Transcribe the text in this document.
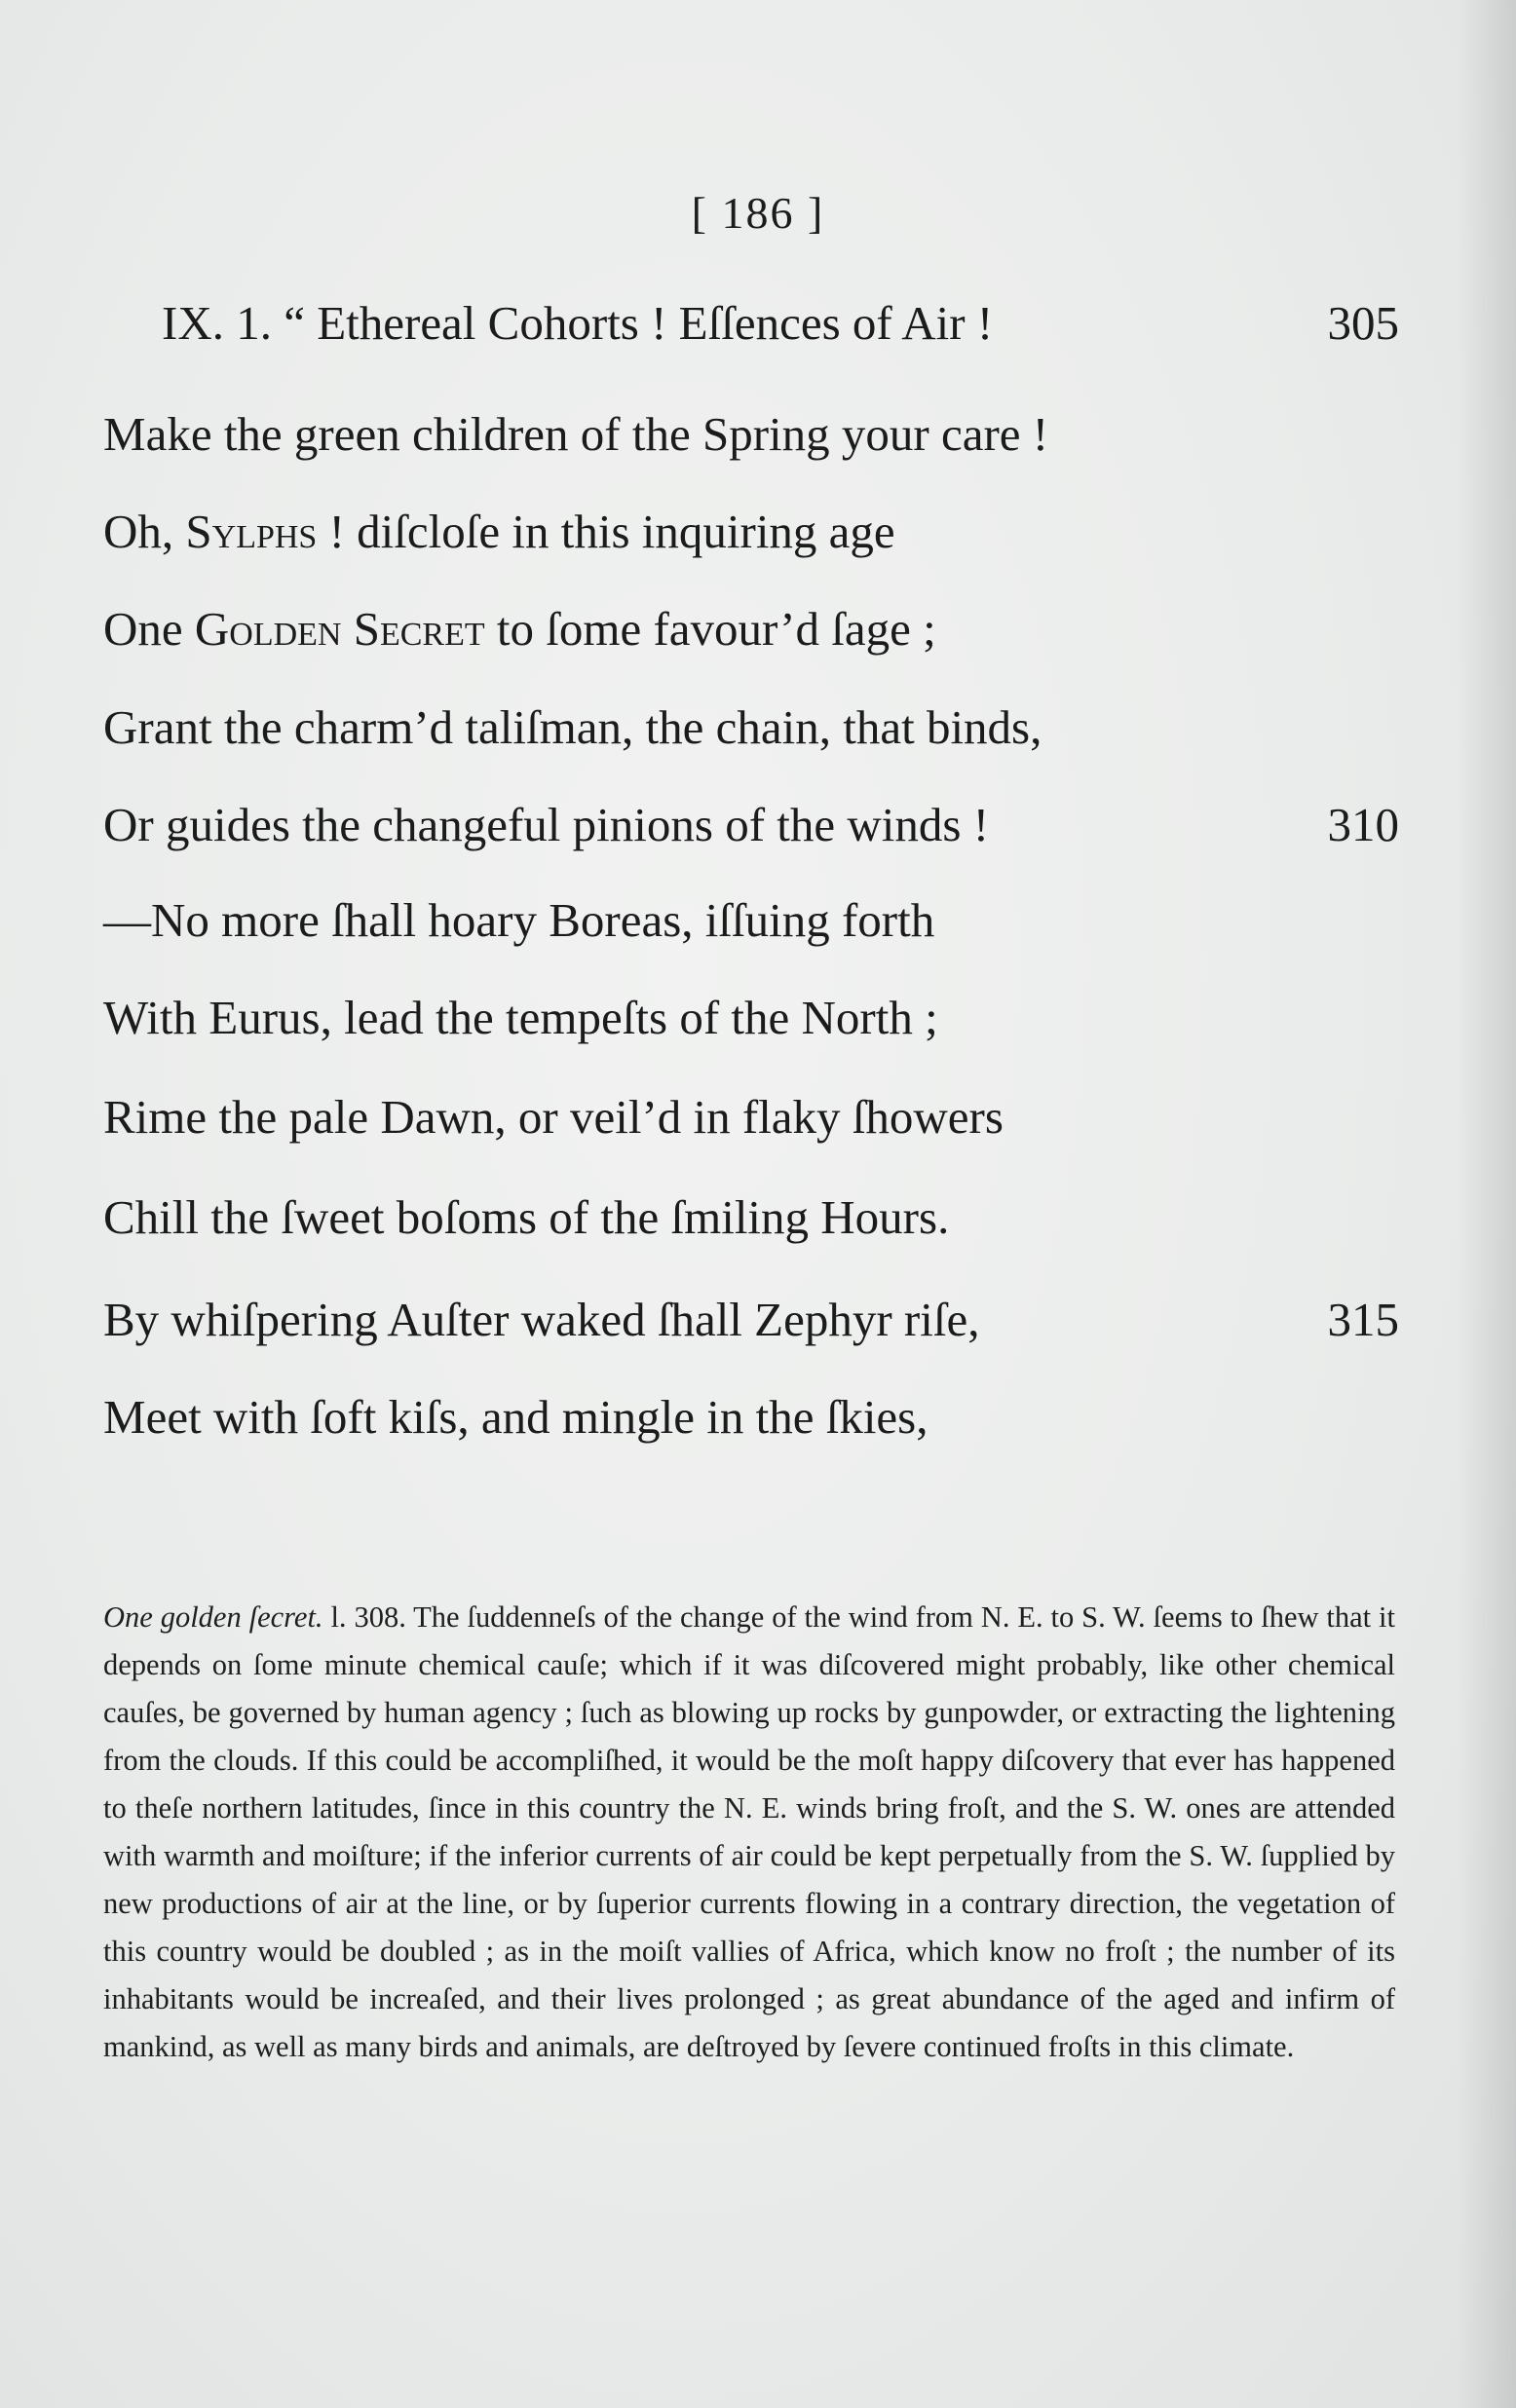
[ 186 ]
IX. 1. “ Ethereal Cohorts ! Eſſences of Air !	305
Make the green children of the Spring your care !
Oh, Sylphs ! diſcloſe in this inquiring age
One Golden Secret to ſome favour’d ſage ;
Grant the charm’d taliſman, the chain, that binds,
Or guides the changeful pinions of the winds !	310
—No more ſhall hoary Boreas, iſſuing forth
With Eurus, lead the tempeſts of the North ;
Rime the pale Dawn, or veil’d in flaky ſhowers
Chill the ſweet boſoms of the ſmiling Hours.
By whiſpering Auſter waked ſhall Zephyr riſe,	315
Meet with ſoft kiſs, and mingle in the ſkies,
One golden ſecret. l. 308. The ſuddenneſs of the change of the wind from N. E. to S. W. ſeems to ſhew that it depends on ſome minute chemical cauſe; which if it was diſcovered might probably, like other chemical cauſes, be governed by human agency ; ſuch as blowing up rocks by gunpowder, or extracting the lightening from the clouds. If this could be accompliſhed, it would be the moſt happy diſcovery that ever has happened to theſe northern latitudes, ſince in this country the N. E. winds bring froſt, and the S. W. ones are attended with warmth and moiſture; if the inferior currents of air could be kept perpetually from the S. W. ſupplied by new productions of air at the line, or by ſuperior currents flowing in a contrary direction, the vegetation of this country would be doubled ; as in the moiſt vallies of Africa, which know no froſt ; the number of its inhabitants would be increaſed, and their lives prolonged ; as great abundance of the aged and infirm of mankind, as well as many birds and animals, are deſtroyed by ſevere continued froſts in this climate.
